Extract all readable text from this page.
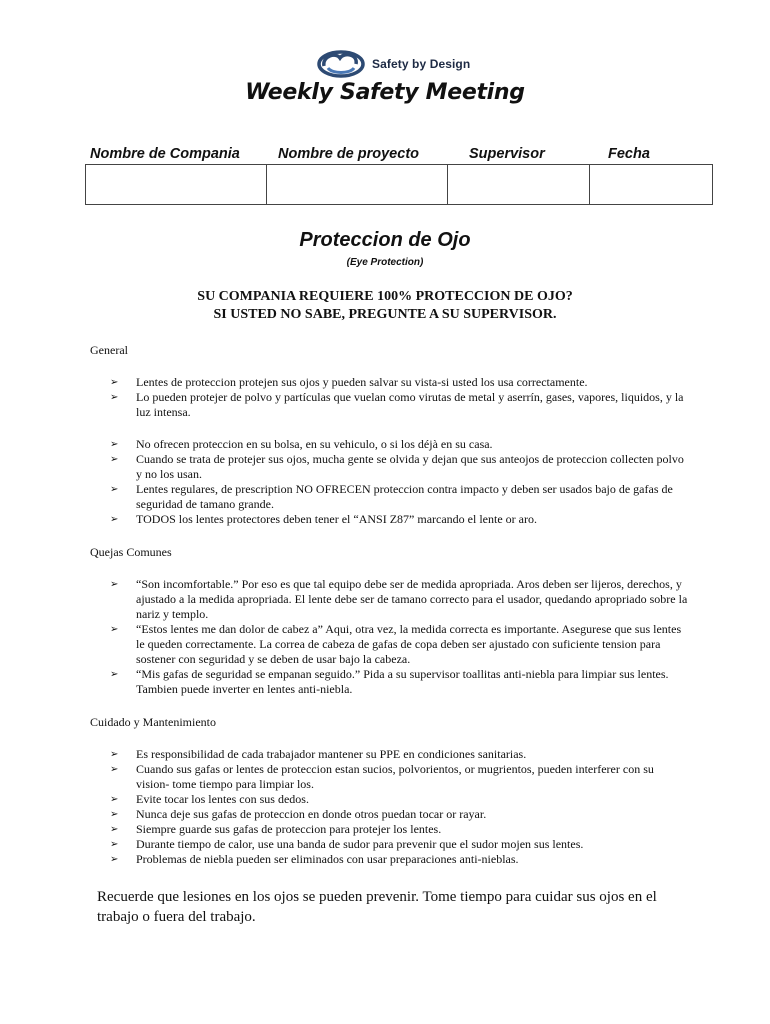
Safety by Design
Weekly Safety Meeting
Nombre de Compania	Nombre de proyecto	Supervisor	Fecha
Proteccion de Ojo
(Eye Protection)
SU COMPANIA REQUIERE 100% PROTECCION DE OJO?
SI USTED NO SABE, PREGUNTE A SU SUPERVISOR.
General
➢ Lentes de proteccion protejen sus ojos y pueden salvar su vista-si usted los usa correctamente.
➢ Lo pueden protejer de polvo y partículas que vuelan como virutas de metal y aserrín, gases, vapores, liquidos, y la luz intensa.
➢ No ofrecen proteccion en su bolsa, en su vehiculo, o si los déjà en su casa.
➢ Cuando se trata de protejer sus ojos, mucha gente se olvida y dejan que sus anteojos de proteccion collecten polvo y no los usan.
➢ Lentes regulares, de prescription NO OFRECEN proteccion contra impacto y deben ser usados bajo de gafas de seguridad de tamano grande.
➢ TODOS los lentes protectores deben tener el “ANSI Z87” marcando el lente or aro.
Quejas Comunes
➢ “Son incomfortable.” Por eso es que tal equipo debe ser de medida apropriada. Aros deben ser lijeros, derechos, y ajustado a la medida apropriada. El lente debe ser de tamano correcto para el usador, quedando apropriado sobre la nariz y templo.
➢ “Estos lentes me dan dolor de cabez a” Aqui, otra vez, la medida correcta es importante. Asegurese que sus lentes le queden correctamente. La correa de cabeza de gafas de copa deben ser ajustado con suficiente tension para sostener con seguridad y se deben de usar bajo la cabeza.
➢ “Mis gafas de seguridad se empanan seguido.” Pida a su supervisor toallitas anti-niebla para limpiar sus lentes. Tambien puede inverter en lentes anti-niebla.
Cuidado y Mantenimiento
➢ Es responsibilidad de cada trabajador mantener su PPE en condiciones sanitarias.
➢ Cuando sus gafas or lentes de proteccion estan sucios, polvorientos, or mugrientos, pueden interferer con su vision- tome tiempo para limpiar los.
➢ Evite tocar los lentes con sus dedos.
➢ Nunca deje sus gafas de proteccion en donde otros puedan tocar or rayar.
➢ Siempre guarde sus gafas de proteccion para protejer los lentes.
➢ Durante tiempo de calor, use una banda de sudor para prevenir que el sudor mojen sus lentes.
➢ Problemas de niebla pueden ser eliminados con usar preparaciones anti-nieblas.
Recuerde que lesiones en los ojos se pueden prevenir. Tome tiempo para cuidar sus ojos en el trabajo o fuera del trabajo.
